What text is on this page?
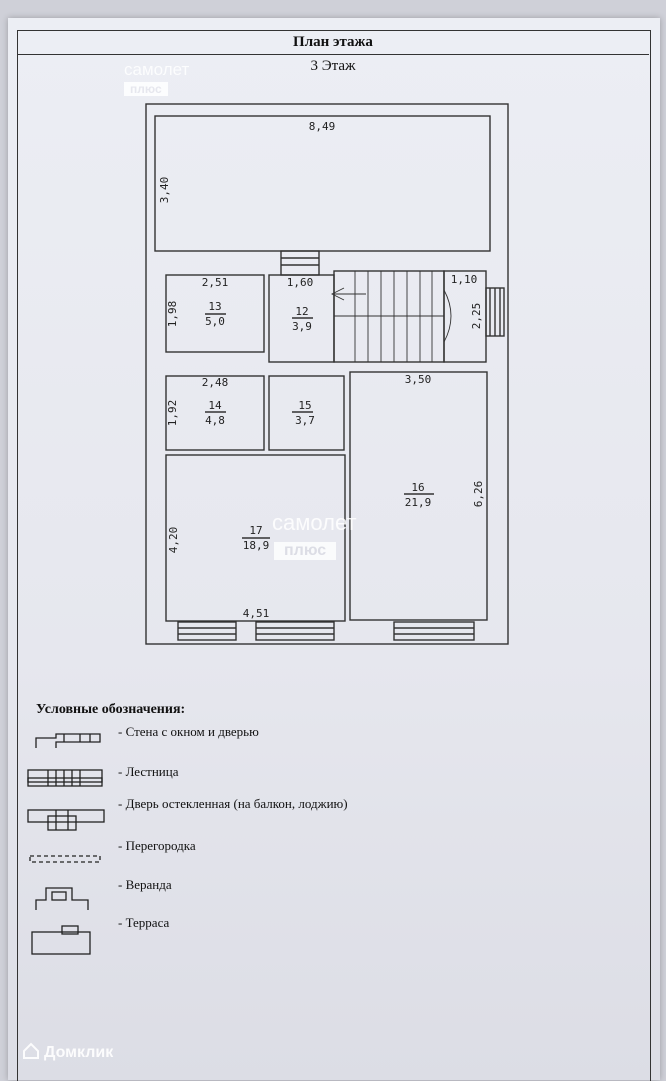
План этажа
3 Этаж
самолет
плюс
13
5,0
12
3,9
14
4,8
15
3,7
16
21,9
17
18,9
8,49
3,40
2,51
1,98
1,60	1,10
2,25
2,48
1,92
3,50
6,26
4,20
4,51
самолет
плюс
Условные обозначения:
- Стена с окном и дверью
- Лестница
- Дверь остекленная (на балкон, лоджию)
- Перегородка
- Веранда
- Терраса
Домклик
